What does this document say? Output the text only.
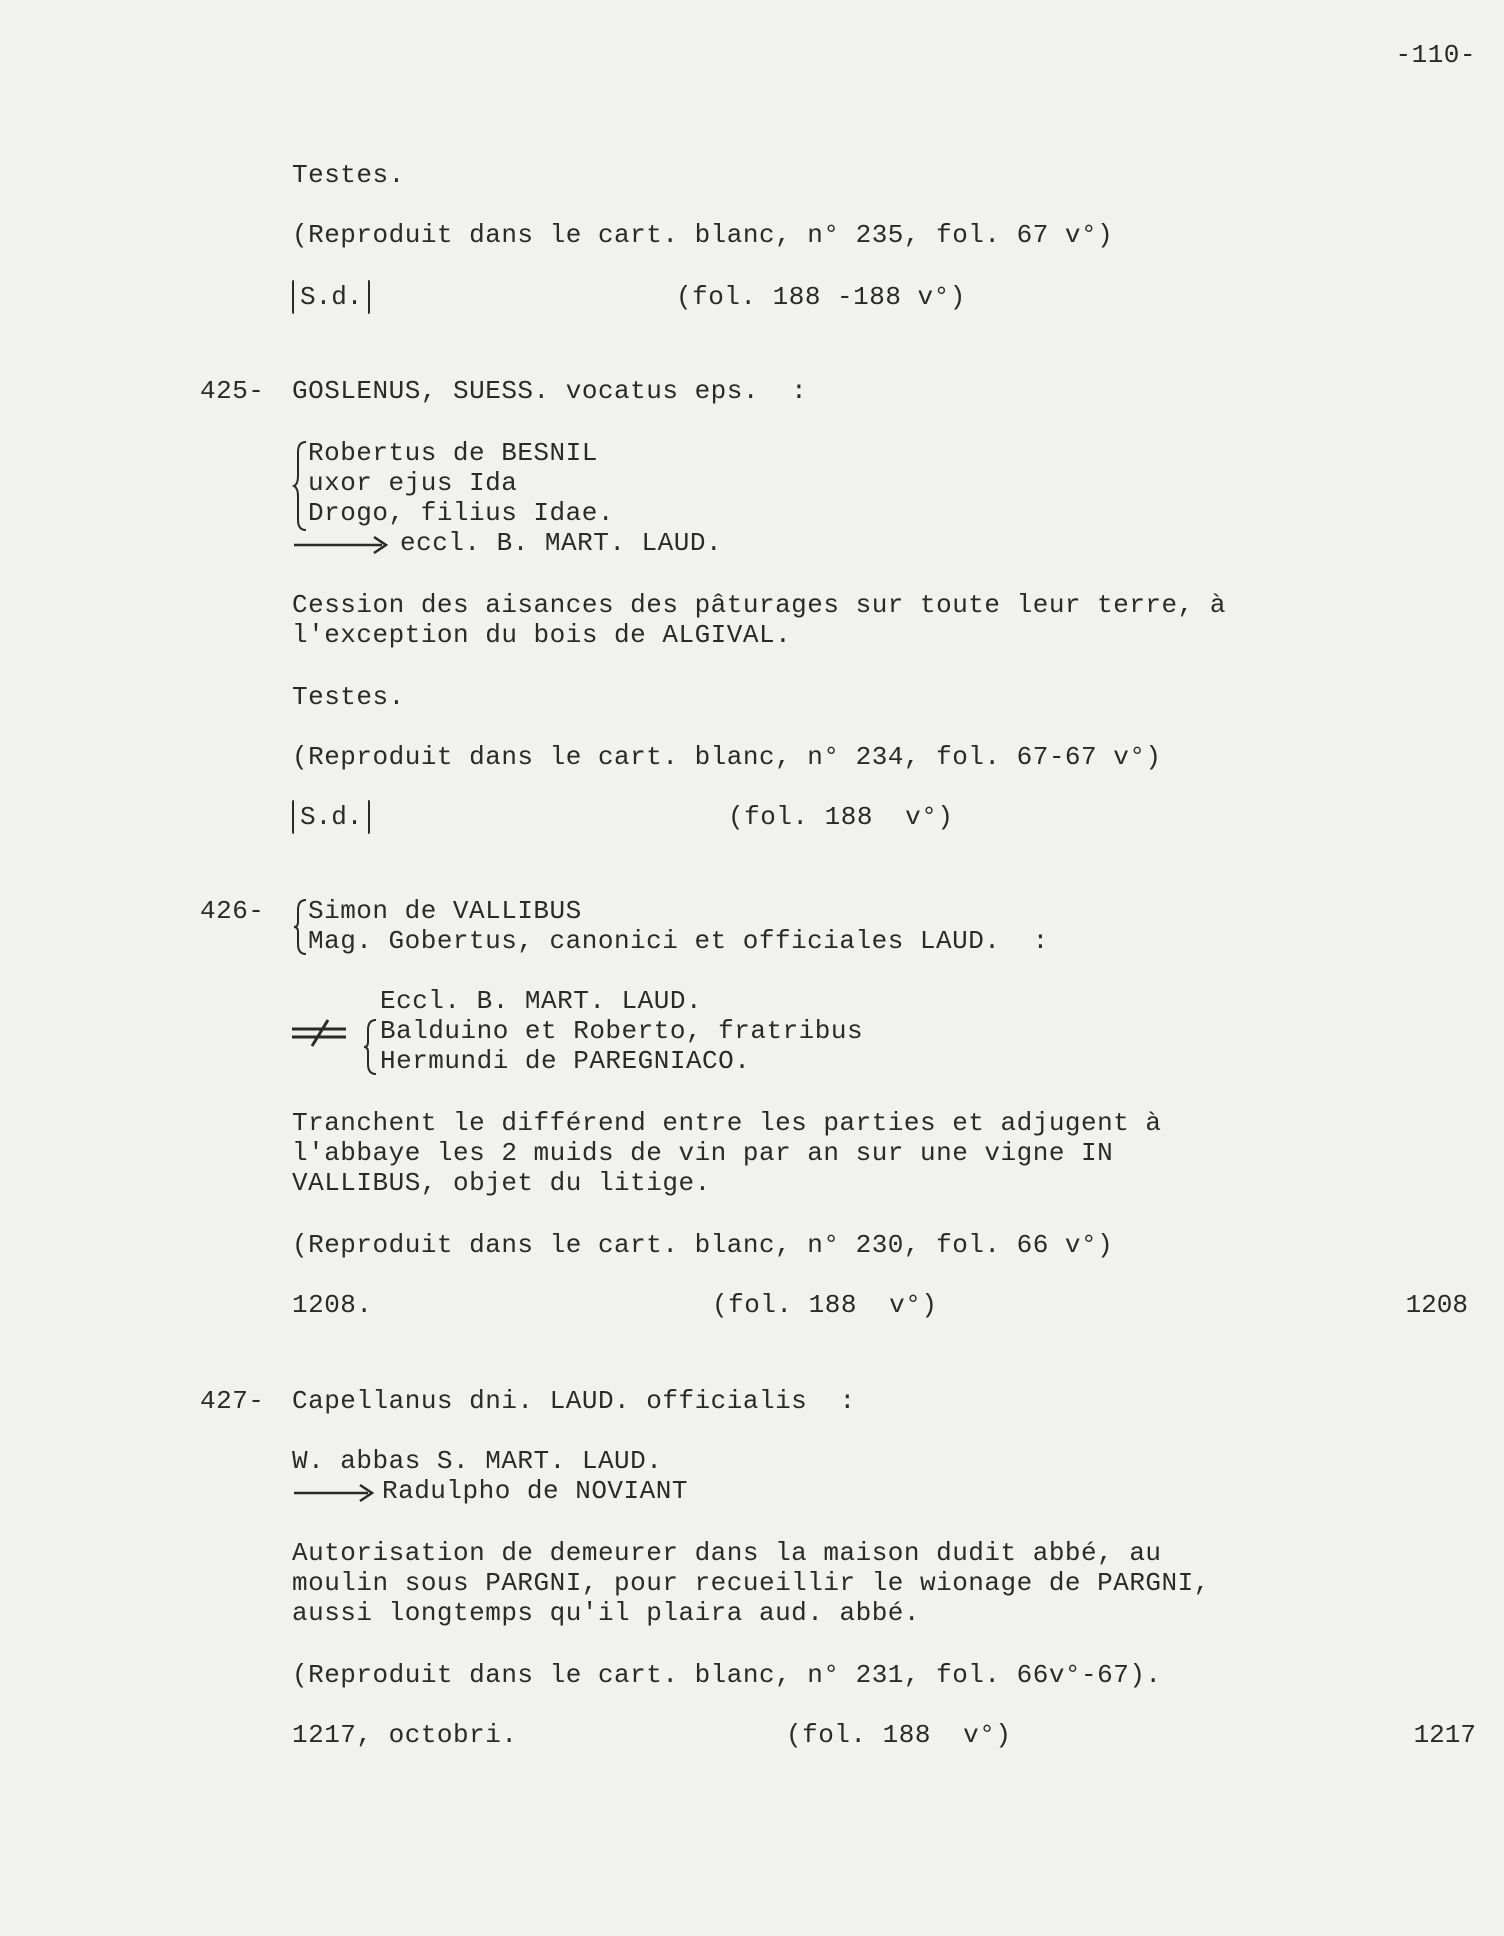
-110-
Testes.
(Reproduit dans le cart. blanc, n° 235, fol. 67 v°)
S.d.	(fol. 188 -188 v°)
425- GOSLENUS, SUESS. vocatus eps.  :
Robertus de BESNIL
uxor ejus Ida
Drogo, filius Idae.
eccl. B. MART. LAUD.
Cession des aisances des pâturages sur toute leur terre, à
l'exception du bois de ALGIVAL.
Testes.
(Reproduit dans le cart. blanc, n° 234, fol. 67-67 v°)
S.d.	(fol. 188  v°)
426- Simon de VALLIBUS
Mag. Gobertus, canonici et officiales LAUD.  :
Eccl. B. MART. LAUD.
Balduino et Roberto, fratribus
Hermundi de PAREGNIACO.
Tranchent le différend entre les parties et adjugent à
l'abbaye les 2 muids de vin par an sur une vigne IN
VALLIBUS, objet du litige.
(Reproduit dans le cart. blanc, n° 230, fol. 66 v°)
1208.	(fol. 188  v°)	1208
427- Capellanus dni. LAUD. officialis  :
W. abbas S. MART. LAUD.
Radulpho de NOVIANT
Autorisation de demeurer dans la maison dudit abbé, au
moulin sous PARGNI, pour recueillir le wionage de PARGNI,
aussi longtemps qu'il plaira aud. abbé.
(Reproduit dans le cart. blanc, n° 231, fol. 66v°-67).
1217, octobri.	(fol. 188  v°)	1217
